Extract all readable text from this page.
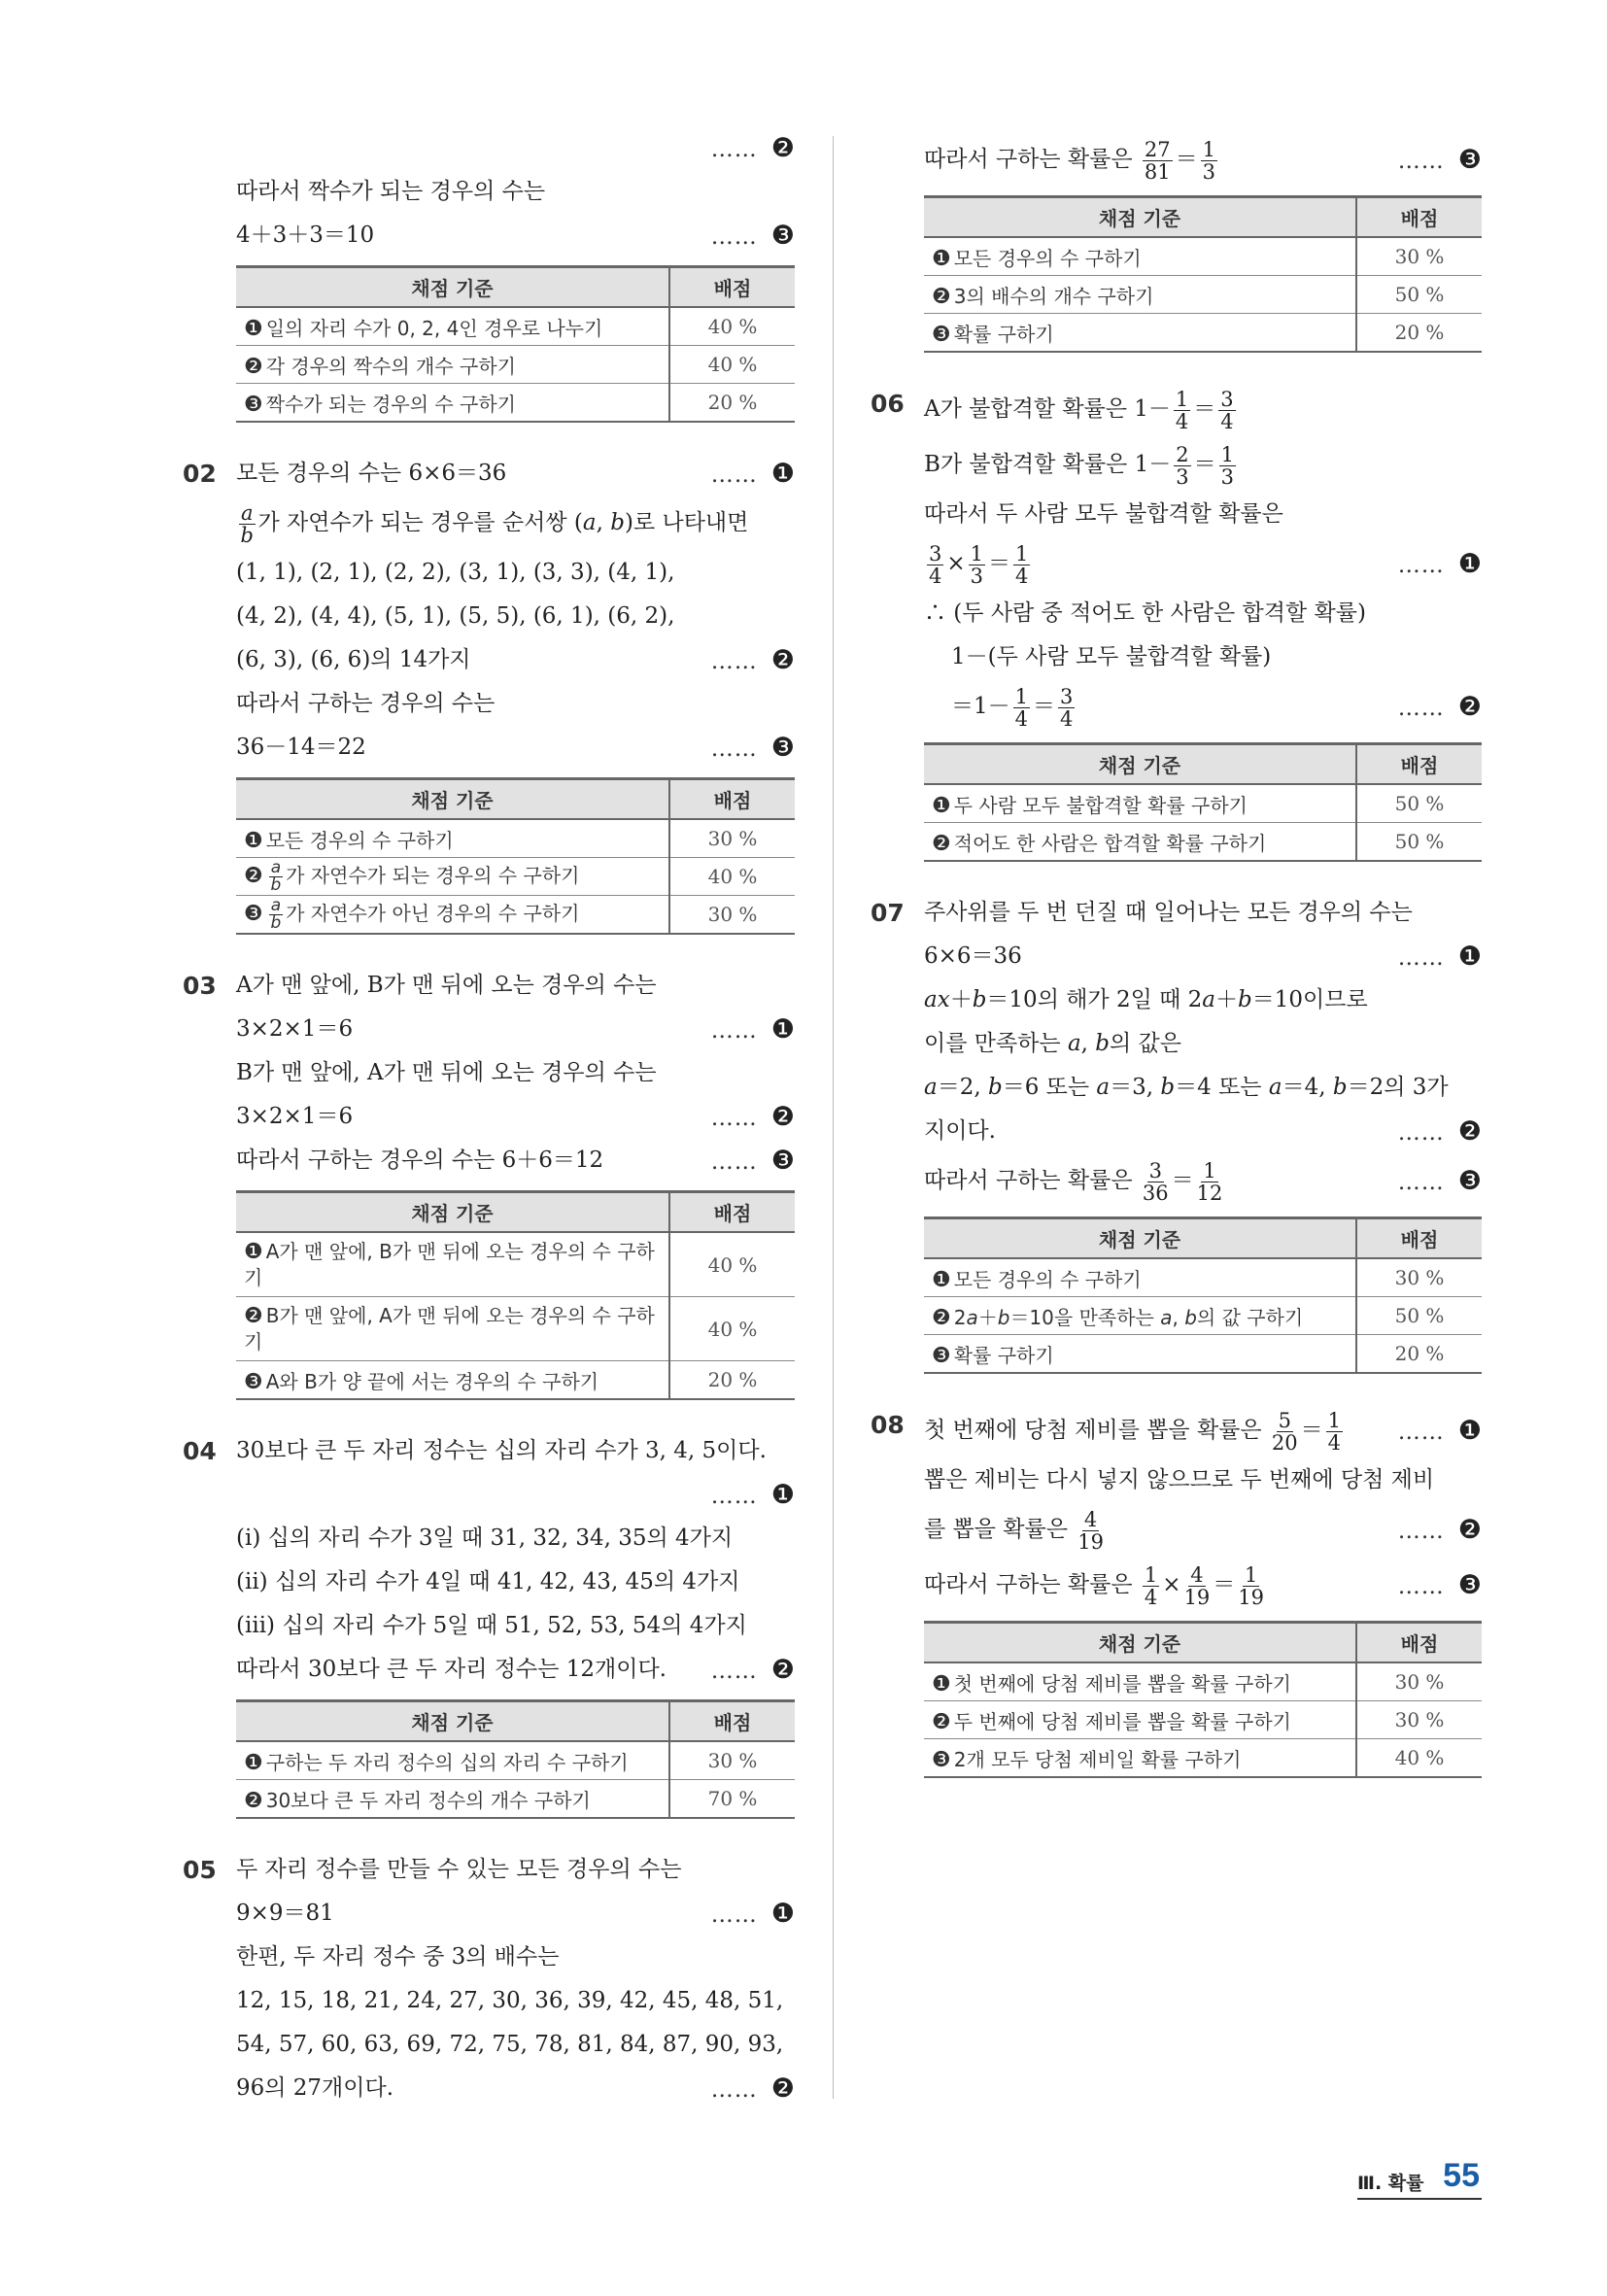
…… ❷
따라서 짝수가 되는 경우의 수는
4＋3＋3＝10	…… ❸
채점 기준	배점
❶ 일의 자리 수가 0, 2, 4인 경우로 나누기	40 %
❷ 각 경우의 짝수의 개수 구하기	40 %
❸ 짝수가 되는 경우의 수 구하기	20 %
02 모든 경우의 수는 6×6＝36	…… ❶
$\frac{a}{b}$ 가 자연수가 되는 경우를 순서쌍 (a, b)로 나타내면
(1, 1), (2, 1), (2, 2), (3, 1), (3, 3), (4, 1),
(4, 2), (4, 4), (5, 1), (5, 5), (6, 1), (6, 2),
(6, 3), (6, 6)의 14가지	…… ❷
따라서 구하는 경우의 수는
36－14＝22	…… ❸
채점 기준	배점
❶ 모든 경우의 수 구하기	30 %
❷ $\frac{a}{b}$ 가 자연수가 되는 경우의 수 구하기	40 %
❸ $\frac{a}{b}$ 가 자연수가 아닌 경우의 수 구하기	30 %
03 A가 맨 앞에, B가 맨 뒤에 오는 경우의 수는
3×2×1＝6	…… ❶
B가 맨 앞에, A가 맨 뒤에 오는 경우의 수는
3×2×1＝6	…… ❷
따라서 구하는 경우의 수는 6＋6＝12	…… ❸
채점 기준	배점
❶ A가 맨 앞에, B가 맨 뒤에 오는 경우의 수 구하기	40 %
❷ B가 맨 앞에, A가 맨 뒤에 오는 경우의 수 구하기	40 %
❸ A와 B가 양 끝에 서는 경우의 수 구하기	20 %
04 30보다 큰 두 자리 정수는 십의 자리 수가 3, 4, 5이다.
…… ❶
(ⅰ) 십의 자리 수가 3일 때 31, 32, 34, 35의 4가지
(ⅱ) 십의 자리 수가 4일 때 41, 42, 43, 45의 4가지
(ⅲ) 십의 자리 수가 5일 때 51, 52, 53, 54의 4가지
따라서 30보다 큰 두 자리 정수는 12개이다. …… ❷
채점 기준	배점
❶ 구하는 두 자리 정수의 십의 자리 수 구하기	30 %
❷ 30보다 큰 두 자리 정수의 개수 구하기	70 %
05 두 자리 정수를 만들 수 있는 모든 경우의 수는
9×9＝81	…… ❶
한편, 두 자리 정수 중 3의 배수는
12, 15, 18, 21, 24, 27, 30, 36, 39, 42, 45, 48, 51,
54, 57, 60, 63, 69, 72, 75, 78, 81, 84, 87, 90, 93,
96의 27개이다.	…… ❷
따라서 구하는 확률은 $\frac{27}{81} = \frac{1}{3}$	…… ❸
채점 기준	배점
❶ 모든 경우의 수 구하기	30 %
❷ 3의 배수의 개수 구하기	50 %
❸ 확률 구하기	20 %
06 A가 불합격할 확률은 $1- \frac{1}{4} = \frac{3}{4}$
B가 불합격할 확률은 $1- \frac{2}{3} = \frac{1}{3}$
따라서 두 사람 모두 불합격할 확률은
$\frac{3}{4} \times \frac{1}{3} = \frac{1}{4}$	…… ❶
∴ (두 사람 중 적어도 한 사람은 합격할 확률)
1－(두 사람 모두 불합격할 확률)
$=1- \frac{1}{4} = \frac{3}{4}$	…… ❷
채점 기준	배점
❶ 두 사람 모두 불합격할 확률 구하기	50 %
❷ 적어도 한 사람은 합격할 확률 구하기	50 %
07 주사위를 두 번 던질 때 일어나는 모든 경우의 수는
6×6＝36	…… ❶
ax＋b＝10의 해가 2일 때 2a＋b＝10이므로
이를 만족하는 a, b의 값은
a＝2, b＝6 또는 a＝3, b＝4 또는 a＝4, b＝2의 3가
지이다.	…… ❷
따라서 구하는 확률은 $\frac{3}{36} = \frac{1}{12}$	…… ❸
채점 기준	배점
❶ 모든 경우의 수 구하기	30 %
❷ 2a＋b＝10을 만족하는 a, b의 값 구하기	50 %
❸ 확률 구하기	20 %
08 첫 번째에 당첨 제비를 뽑을 확률은 $\frac{5}{20} = \frac{1}{4}$ …… ❶
뽑은 제비는 다시 넣지 않으므로 두 번째에 당첨 제비
를 뽑을 확률은 $\frac{4}{19}$	…… ❷
따라서 구하는 확률은 $\frac{1}{4} \times \frac{4}{19} = \frac{1}{19}$	…… ❸
채점 기준	배점
❶ 첫 번째에 당첨 제비를 뽑을 확률 구하기	30 %
❷ 두 번째에 당첨 제비를 뽑을 확률 구하기	30 %
❸ 2개 모두 당첨 제비일 확률 구하기	40 %
Ⅲ. 확률 55
